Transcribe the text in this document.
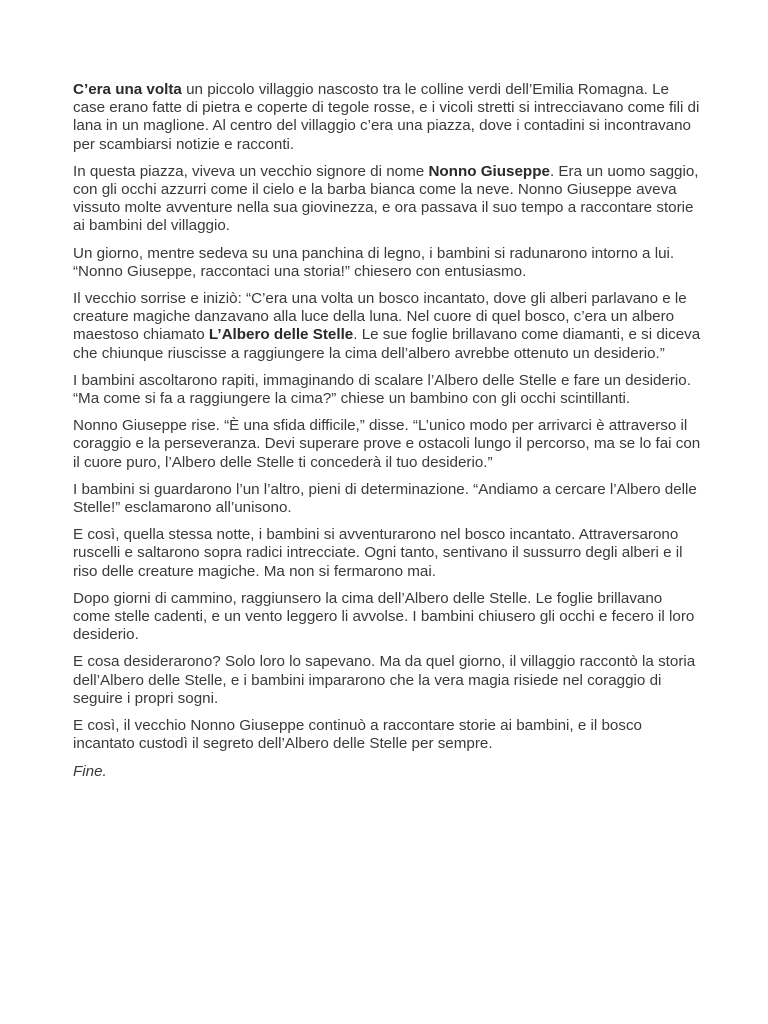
C’era una volta un piccolo villaggio nascosto tra le colline verdi dell’Emilia Romagna. Le case erano fatte di pietra e coperte di tegole rosse, e i vicoli stretti si intrecciavano come fili di lana in un maglione. Al centro del villaggio c’era una piazza, dove i contadini si incontravano per scambiarsi notizie e racconti.

In questa piazza, viveva un vecchio signore di nome Nonno Giuseppe. Era un uomo saggio, con gli occhi azzurri come il cielo e la barba bianca come la neve. Nonno Giuseppe aveva vissuto molte avventure nella sua giovinezza, e ora passava il suo tempo a raccontare storie ai bambini del villaggio.

Un giorno, mentre sedeva su una panchina di legno, i bambini si radunarono intorno a lui. “Nonno Giuseppe, raccontaci una storia!” chiesero con entusiasmo.

Il vecchio sorrise e iniziò: “C’era una volta un bosco incantato, dove gli alberi parlavano e le creature magiche danzavano alla luce della luna. Nel cuore di quel bosco, c’era un albero maestoso chiamato L’Albero delle Stelle. Le sue foglie brillavano come diamanti, e si diceva che chiunque riuscisse a raggiungere la cima dell’albero avrebbe ottenuto un desiderio.”

I bambini ascoltarono rapiti, immaginando di scalare l’Albero delle Stelle e fare un desiderio. “Ma come si fa a raggiungere la cima?” chiese un bambino con gli occhi scintillanti.

Nonno Giuseppe rise. “È una sfida difficile,” disse. “L’unico modo per arrivarci è attraverso il coraggio e la perseveranza. Devi superare prove e ostacoli lungo il percorso, ma se lo fai con il cuore puro, l’Albero delle Stelle ti concederà il tuo desiderio.”

I bambini si guardarono l’un l’altro, pieni di determinazione. “Andiamo a cercare l’Albero delle Stelle!” esclamarono all’unisono.

E così, quella stessa notte, i bambini si avventurarono nel bosco incantato. Attraversarono ruscelli e saltarono sopra radici intrecciate. Ogni tanto, sentivano il sussurro degli alberi e il riso delle creature magiche. Ma non si fermarono mai.

Dopo giorni di cammino, raggiunsero la cima dell’Albero delle Stelle. Le foglie brillavano come stelle cadenti, e un vento leggero li avvolse. I bambini chiusero gli occhi e fecero il loro desiderio.

E cosa desiderarono? Solo loro lo sapevano. Ma da quel giorno, il villaggio raccontò la storia dell’Albero delle Stelle, e i bambini impararono che la vera magia risiede nel coraggio di seguire i propri sogni.

E così, il vecchio Nonno Giuseppe continuò a raccontare storie ai bambini, e il bosco incantato custodì il segreto dell’Albero delle Stelle per sempre.

Fine.
